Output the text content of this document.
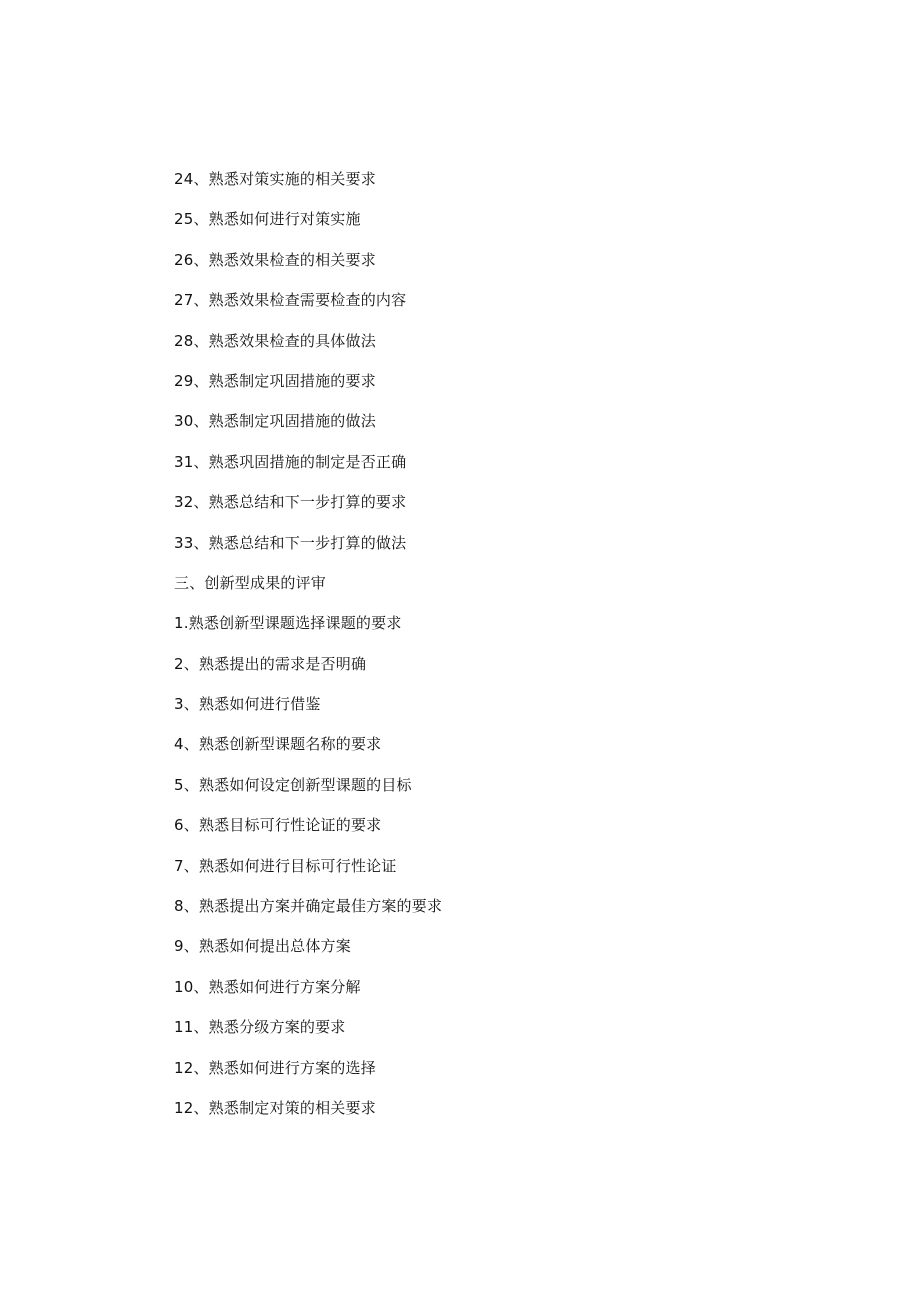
24、熟悉对策实施的相关要求
25、熟悉如何进行对策实施
26、熟悉效果检查的相关要求
27、熟悉效果检查需要检查的内容
28、熟悉效果检查的具体做法
29、熟悉制定巩固措施的要求
30、熟悉制定巩固措施的做法
31、熟悉巩固措施的制定是否正确
32、熟悉总结和下一步打算的要求
33、熟悉总结和下一步打算的做法
三、创新型成果的评审
1.熟悉创新型课题选择课题的要求
2、熟悉提出的需求是否明确
3、熟悉如何进行借鉴
4、熟悉创新型课题名称的要求
5、熟悉如何设定创新型课题的目标
6、熟悉目标可行性论证的要求
7、熟悉如何进行目标可行性论证
8、熟悉提出方案并确定最佳方案的要求
9、熟悉如何提出总体方案
10、熟悉如何进行方案分解
11、熟悉分级方案的要求
12、熟悉如何进行方案的选择
12、熟悉制定对策的相关要求
